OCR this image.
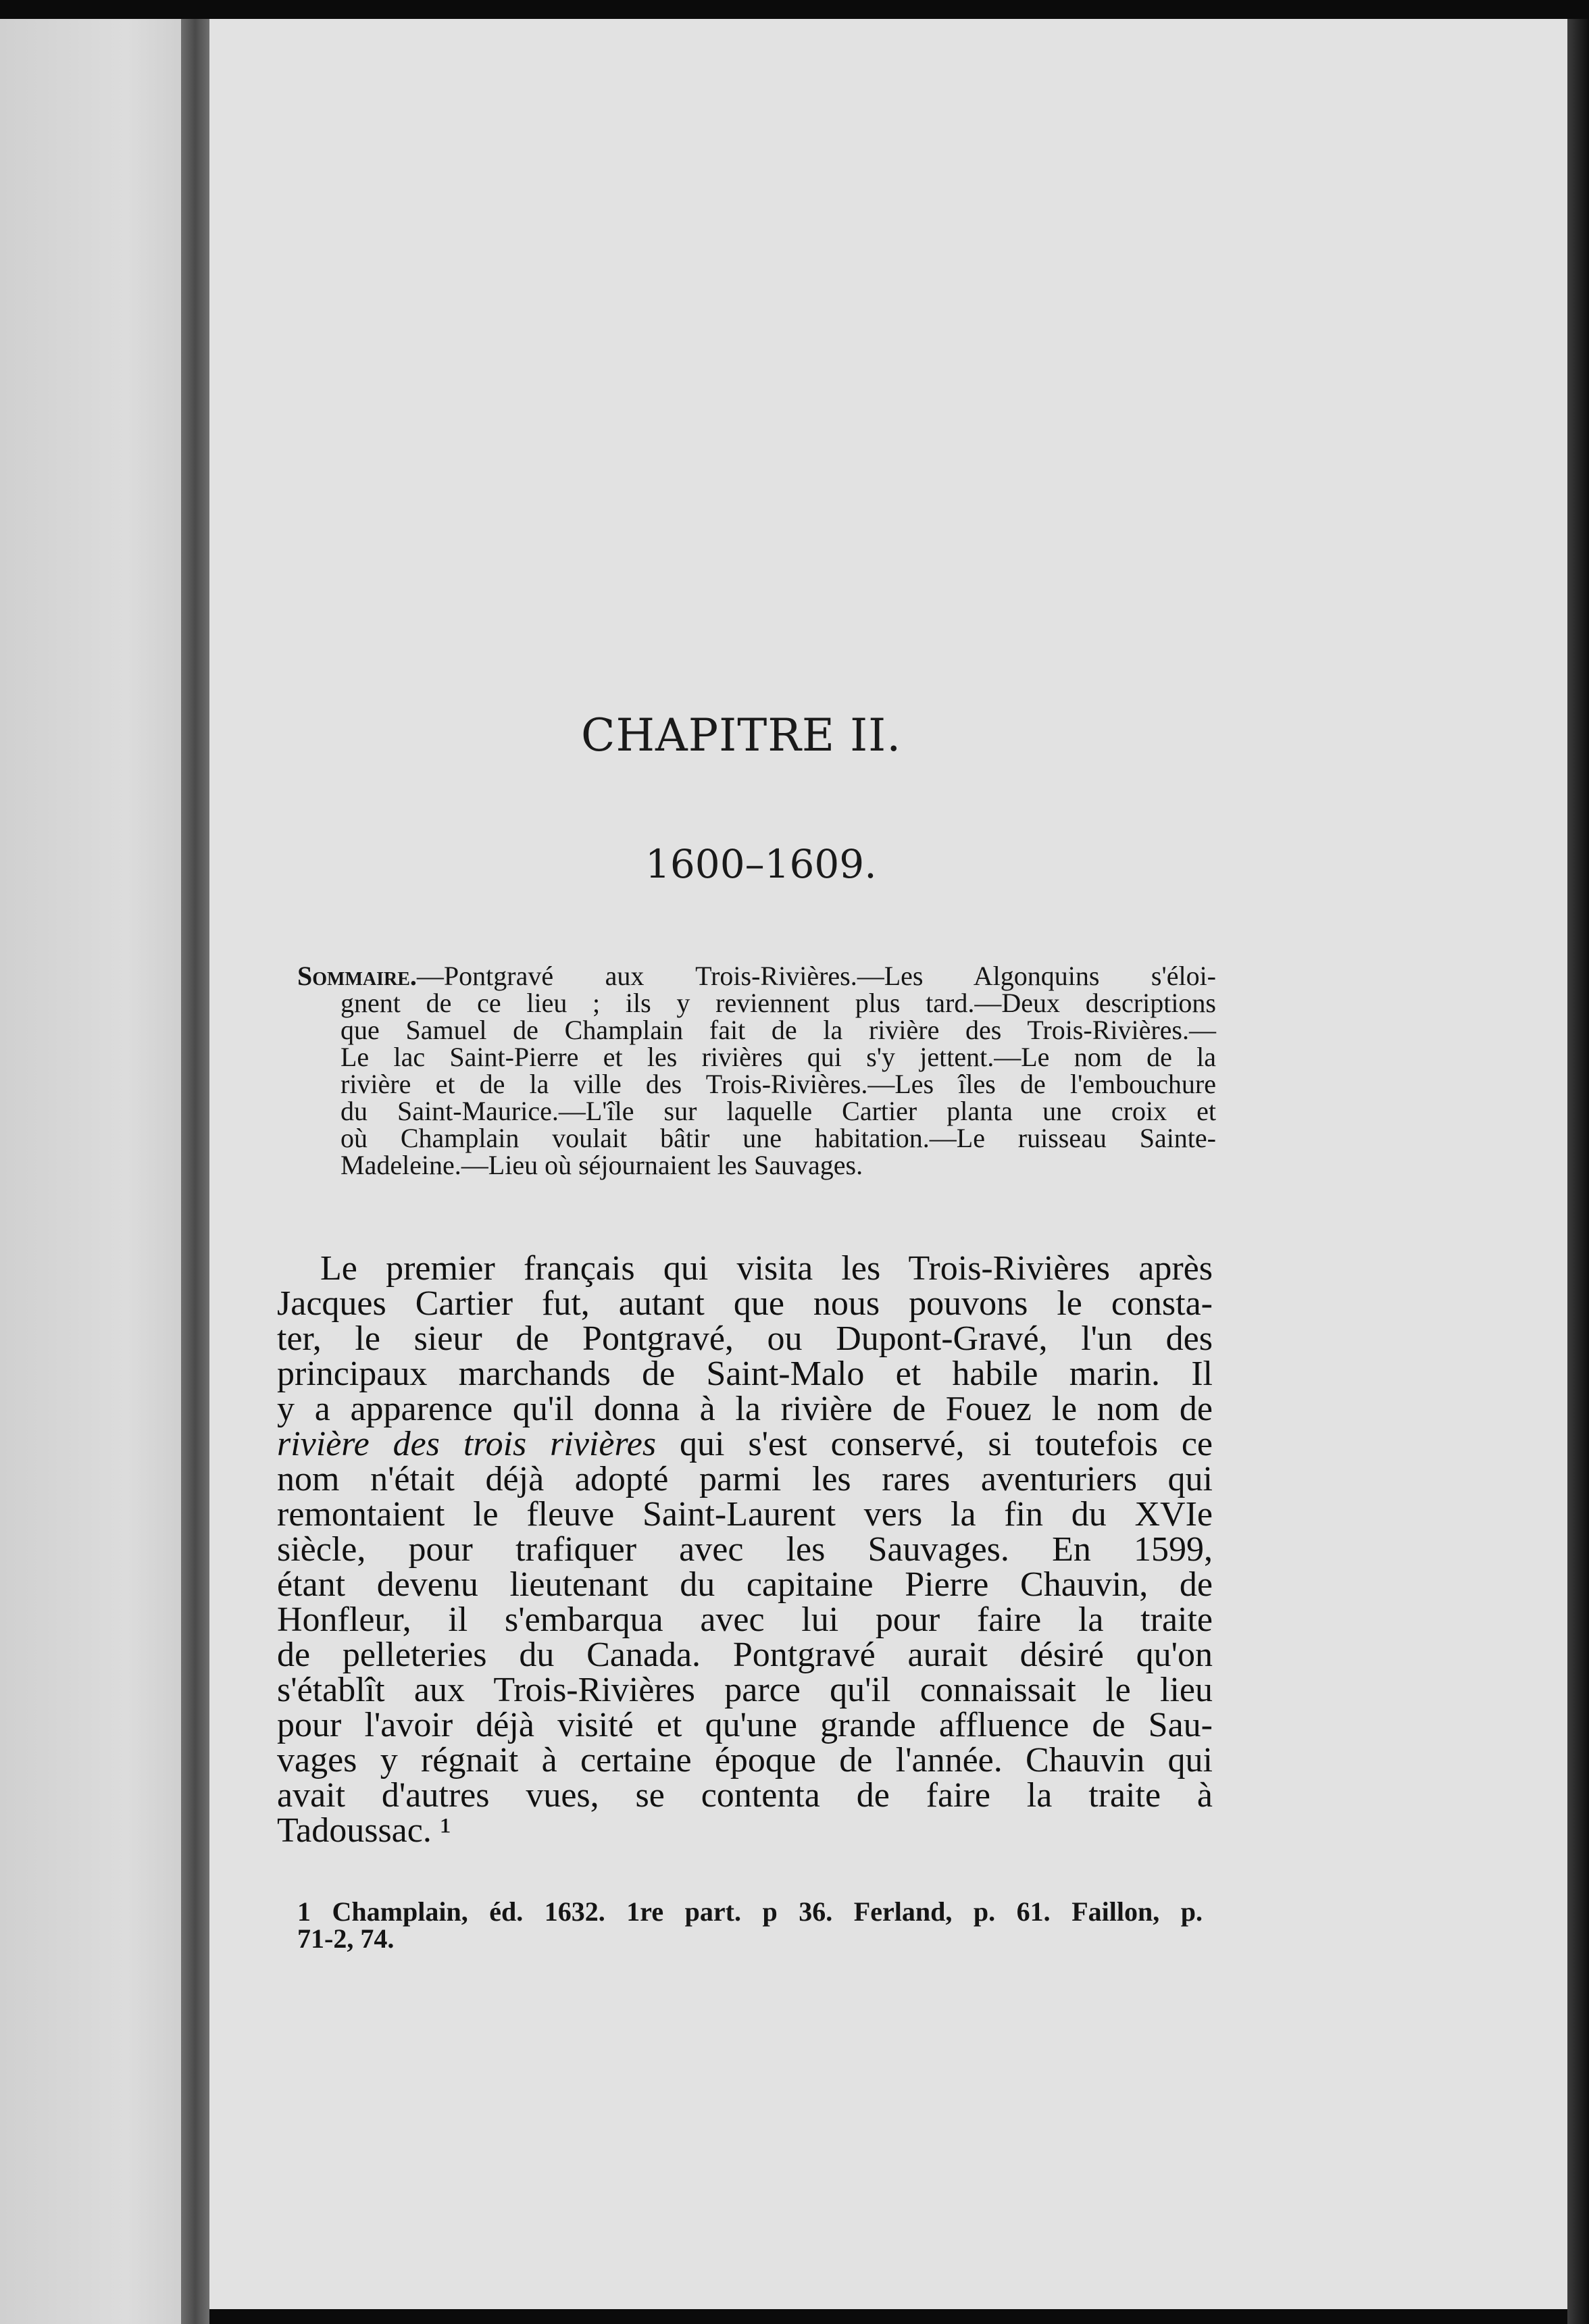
CHAPITRE II.
1600–1609.
Sommaire.—Pontgravé aux Trois-Rivières.—Les Algonquins s'éloi-
gnent de ce lieu ; ils y reviennent plus tard.—Deux descriptions
que Samuel de Champlain fait de la rivière des Trois-Rivières.—
Le lac Saint-Pierre et les rivières qui s'y jettent.—Le nom de la
rivière et de la ville des Trois-Rivières.—Les îles de l'embouchure
du Saint-Maurice.—L'île sur laquelle Cartier planta une croix et
où Champlain voulait bâtir une habitation.—Le ruisseau Sainte-
Madeleine.—Lieu où séjournaient les Sauvages.
Le premier français qui visita les Trois-Rivières après
Jacques Cartier fut, autant que nous pouvons le consta-
ter, le sieur de Pontgravé, ou Dupont-Gravé, l'un des
principaux marchands de Saint-Malo et habile marin. Il
y a apparence qu'il donna à la rivière de Fouez le nom de
rivière des trois rivières qui s'est conservé, si toutefois ce
nom n'était déjà adopté parmi les rares aventuriers qui
remontaient le fleuve Saint-Laurent vers la fin du XVIe
siècle, pour trafiquer avec les Sauvages. En 1599,
étant devenu lieutenant du capitaine Pierre Chauvin, de
Honfleur, il s'embarqua avec lui pour faire la traite
de pelleteries du Canada. Pontgravé aurait désiré qu'on
s'établît aux Trois-Rivières parce qu'il connaissait le lieu
pour l'avoir déjà visité et qu'une grande affluence de Sau-
vages y régnait à certaine époque de l'année. Chauvin qui
avait d'autres vues, se contenta de faire la traite à
Tadoussac. ¹
1 Champlain, éd. 1632. 1re part. p 36. Ferland, p. 61. Faillon, p.
71-2, 74.
